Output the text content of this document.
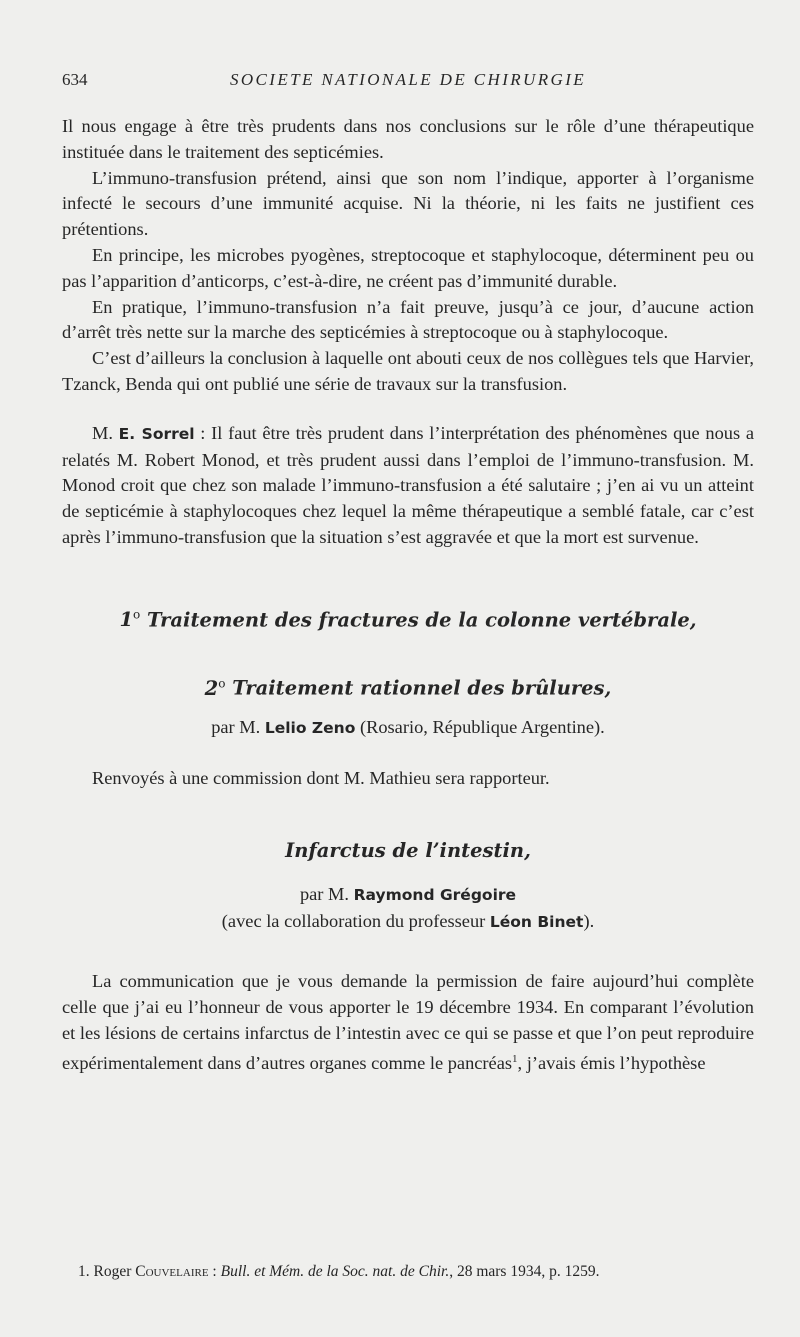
634	SOCIETE NATIONALE DE CHIRURGIE

Il nous engage à être très prudents dans nos conclusions sur le rôle d’une thérapeutique instituée dans le traitement des septicémies.

L’immuno-transfusion prétend, ainsi que son nom l’indique, apporter à l’organisme infecté le secours d’une immunité acquise. Ni la théorie, ni les faits ne justifient ces prétentions.

En principe, les microbes pyogènes, streptocoque et staphylocoque, déterminent peu ou pas l’apparition d’anticorps, c’est-à-dire, ne créent pas d’immunité durable.

En pratique, l’immuno-transfusion n’a fait preuve, jusqu’à ce jour, d’aucune action d’arrêt très nette sur la marche des septicémies à streptocoque ou à staphylocoque.

C’est d’ailleurs la conclusion à laquelle ont abouti ceux de nos collègues tels que Harvier, Tzanck, Benda qui ont publié une série de travaux sur la transfusion.

M. E. Sorrel : Il faut être très prudent dans l’interprétation des phénomènes que nous a relatés M. Robert Monod, et très prudent aussi dans l’emploi de l’immuno-transfusion. M. Monod croit que chez son malade l’immuno-transfusion a été salutaire ; j’en ai vu un atteint de septicémie à staphylocoques chez lequel la même thérapeutique a semblé fatale, car c’est après l’immuno-transfusion que la situation s’est aggravée et que la mort est survenue.

1$^o$ Traitement des fractures de la colonne vertébrale,

2$^o$ Traitement rationnel des brûlures,

par M. Lelio Zeno (Rosario, République Argentine).

Renvoyés à une commission dont M. Mathieu sera rapporteur.

Infarctus de l’intestin,

par M. Raymond Grégoire

(avec la collaboration du professeur Léon Binet).

La communication que je vous demande la permission de faire aujourd’hui complète celle que j’ai eu l’honneur de vous apporter le 19 décembre 1934. En comparant l’évolution et les lésions de certains infarctus de l’intestin avec ce qui se passe et que l’on peut reproduire expérimentalement dans d’autres organes comme le pancréas$^1$, j’avais émis l’hypothèse

1. Roger Couvelaire : Bull. et Mém. de la Soc. nat. de Chir., 28 mars 1934, p. 1259.
